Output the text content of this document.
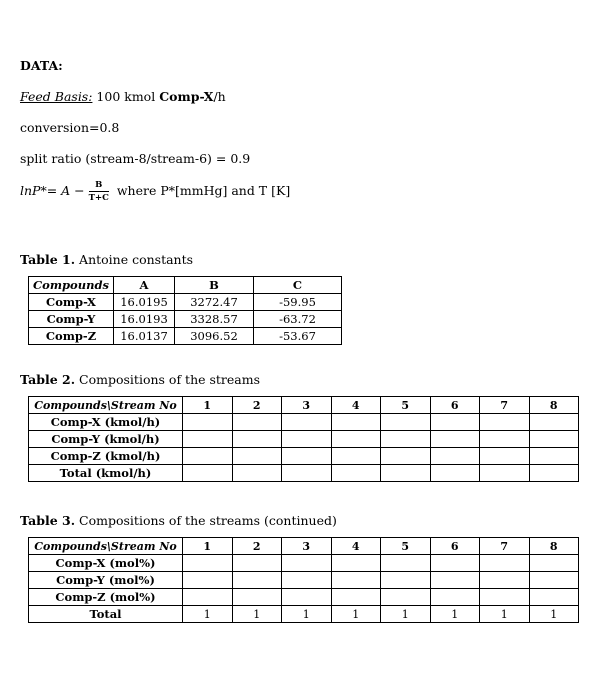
DATA:
Feed Basis: 100 kmol Comp-X/h
conversion=0.8
split ratio (stream-8/stream-6) = 0.9
$\ln P*= A - \frac{B}{T+C}$ where P*[mmHg] and T [K]
Table 1. Antoine constants
Compounds	A	B	C
Comp-X	16.0195	3272.47	-59.95
Comp-Y	16.0193	3328.57	-63.72
Comp-Z	16.0137	3096.52	-53.67
Table 2. Compositions of the streams
Compounds\Stream No	1	2	3	4	5	6	7	8
Comp-X (kmol/h)								
Comp-Y (kmol/h)								
Comp-Z (kmol/h)								
Total (kmol/h)								
Table 3. Compositions of the streams (continued)
Compounds\Stream No	1	2	3	4	5	6	7	8
Comp-X (mol%)								
Comp-Y (mol%)								
Comp-Z (mol%)								
Total	1	1	1	1	1	1	1	1
